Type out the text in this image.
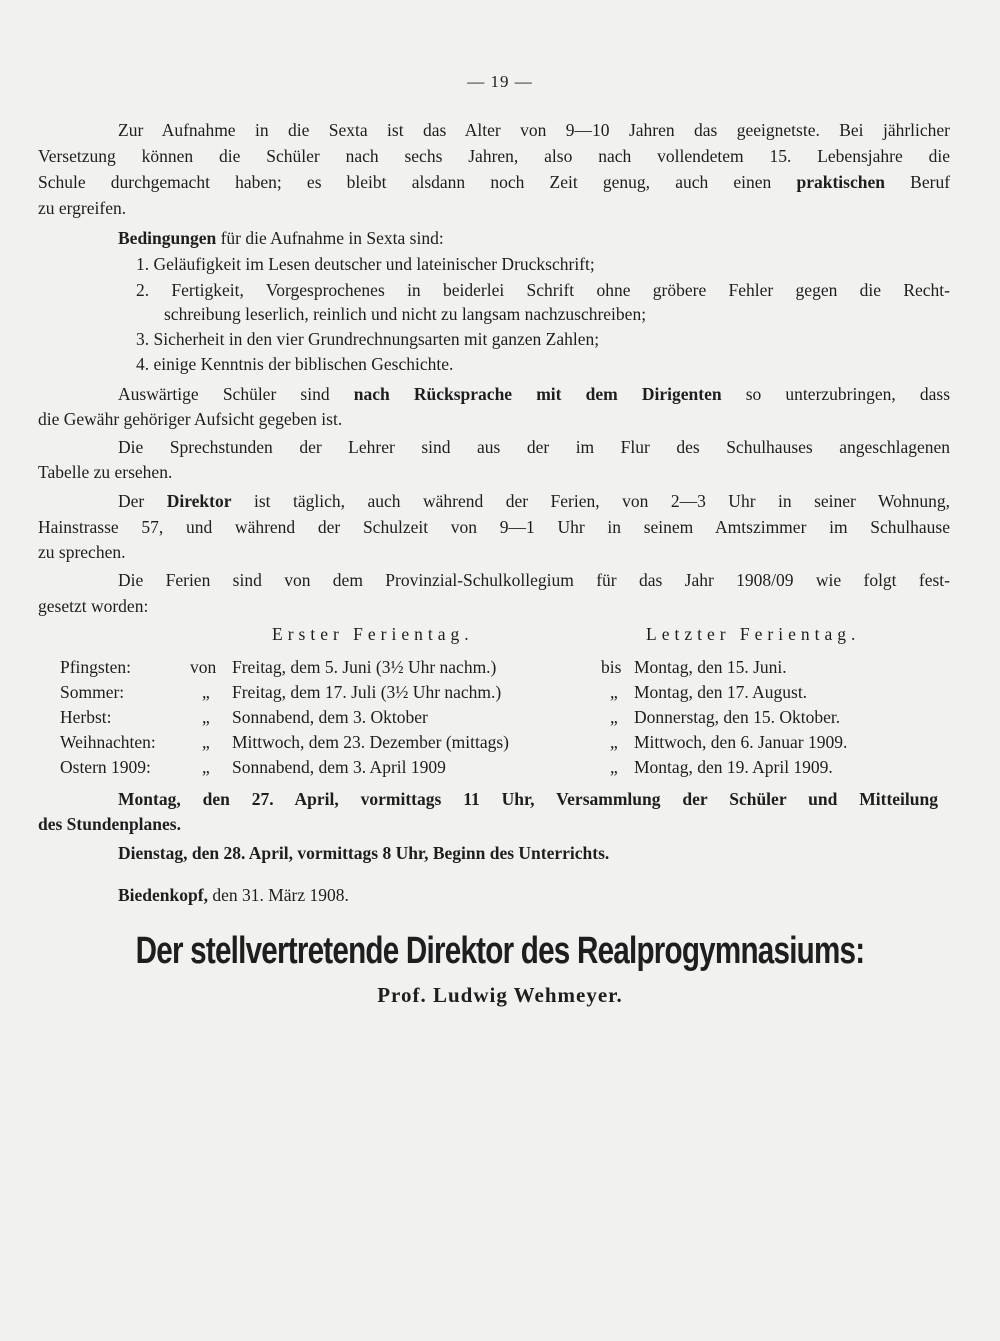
— 19 —
Zur Aufnahme in die Sexta ist das Alter von 9—10 Jahren das geeignetste. Bei jährlicher
Versetzung können die Schüler nach sechs Jahren, also nach vollendetem 15. Lebensjahre die
Schule durchgemacht haben; es bleibt alsdann noch Zeit genug, auch einen praktischen Beruf
zu ergreifen.
Bedingungen für die Aufnahme in Sexta sind:
1. Geläufigkeit im Lesen deutscher und lateinischer Druckschrift;
2. Fertigkeit, Vorgesprochenes in beiderlei Schrift ohne gröbere Fehler gegen die Recht-
schreibung leserlich, reinlich und nicht zu langsam nachzuschreiben;
3. Sicherheit in den vier Grundrechnungsarten mit ganzen Zahlen;
4. einige Kenntnis der biblischen Geschichte.
Auswärtige Schüler sind nach Rücksprache mit dem Dirigenten so unterzubringen, dass
die Gewähr gehöriger Aufsicht gegeben ist.
Die Sprechstunden der Lehrer sind aus der im Flur des Schulhauses angeschlagenen
Tabelle zu ersehen.
Der Direktor ist täglich, auch während der Ferien, von 2—3 Uhr in seiner Wohnung,
Hainstrasse 57, und während der Schulzeit von 9—1 Uhr in seinem Amtszimmer im Schulhause
zu sprechen.
Die Ferien sind von dem Provinzial-Schulkollegium für das Jahr 1908/09 wie folgt fest-
gesetzt worden:
Erster Ferientag.	Letzter Ferientag.
Pfingsten:	von Freitag, dem 5. Juni (3½ Uhr nachm.)	bis Montag, den 15. Juni.
Sommer:	„ Freitag, dem 17. Juli (3½ Uhr nachm.)	„ Montag, den 17. August.
Herbst:	„ Sonnabend, dem 3. Oktober	„ Donnerstag, den 15. Oktober.
Weihnachten:	„ Mittwoch, dem 23. Dezember (mittags)	„ Mittwoch, den 6. Januar 1909.
Ostern 1909:	„ Sonnabend, dem 3. April 1909	„ Montag, den 19. April 1909.
Montag, den 27. April, vormittags 11 Uhr, Versammlung der Schüler und Mitteilung
des Stundenplanes.
Dienstag, den 28. April, vormittags 8 Uhr, Beginn des Unterrichts.
Biedenkopf, den 31. März 1908.
Der stellvertretende Direktor des Realprogymnasiums:
Prof. Ludwig Wehmeyer.
